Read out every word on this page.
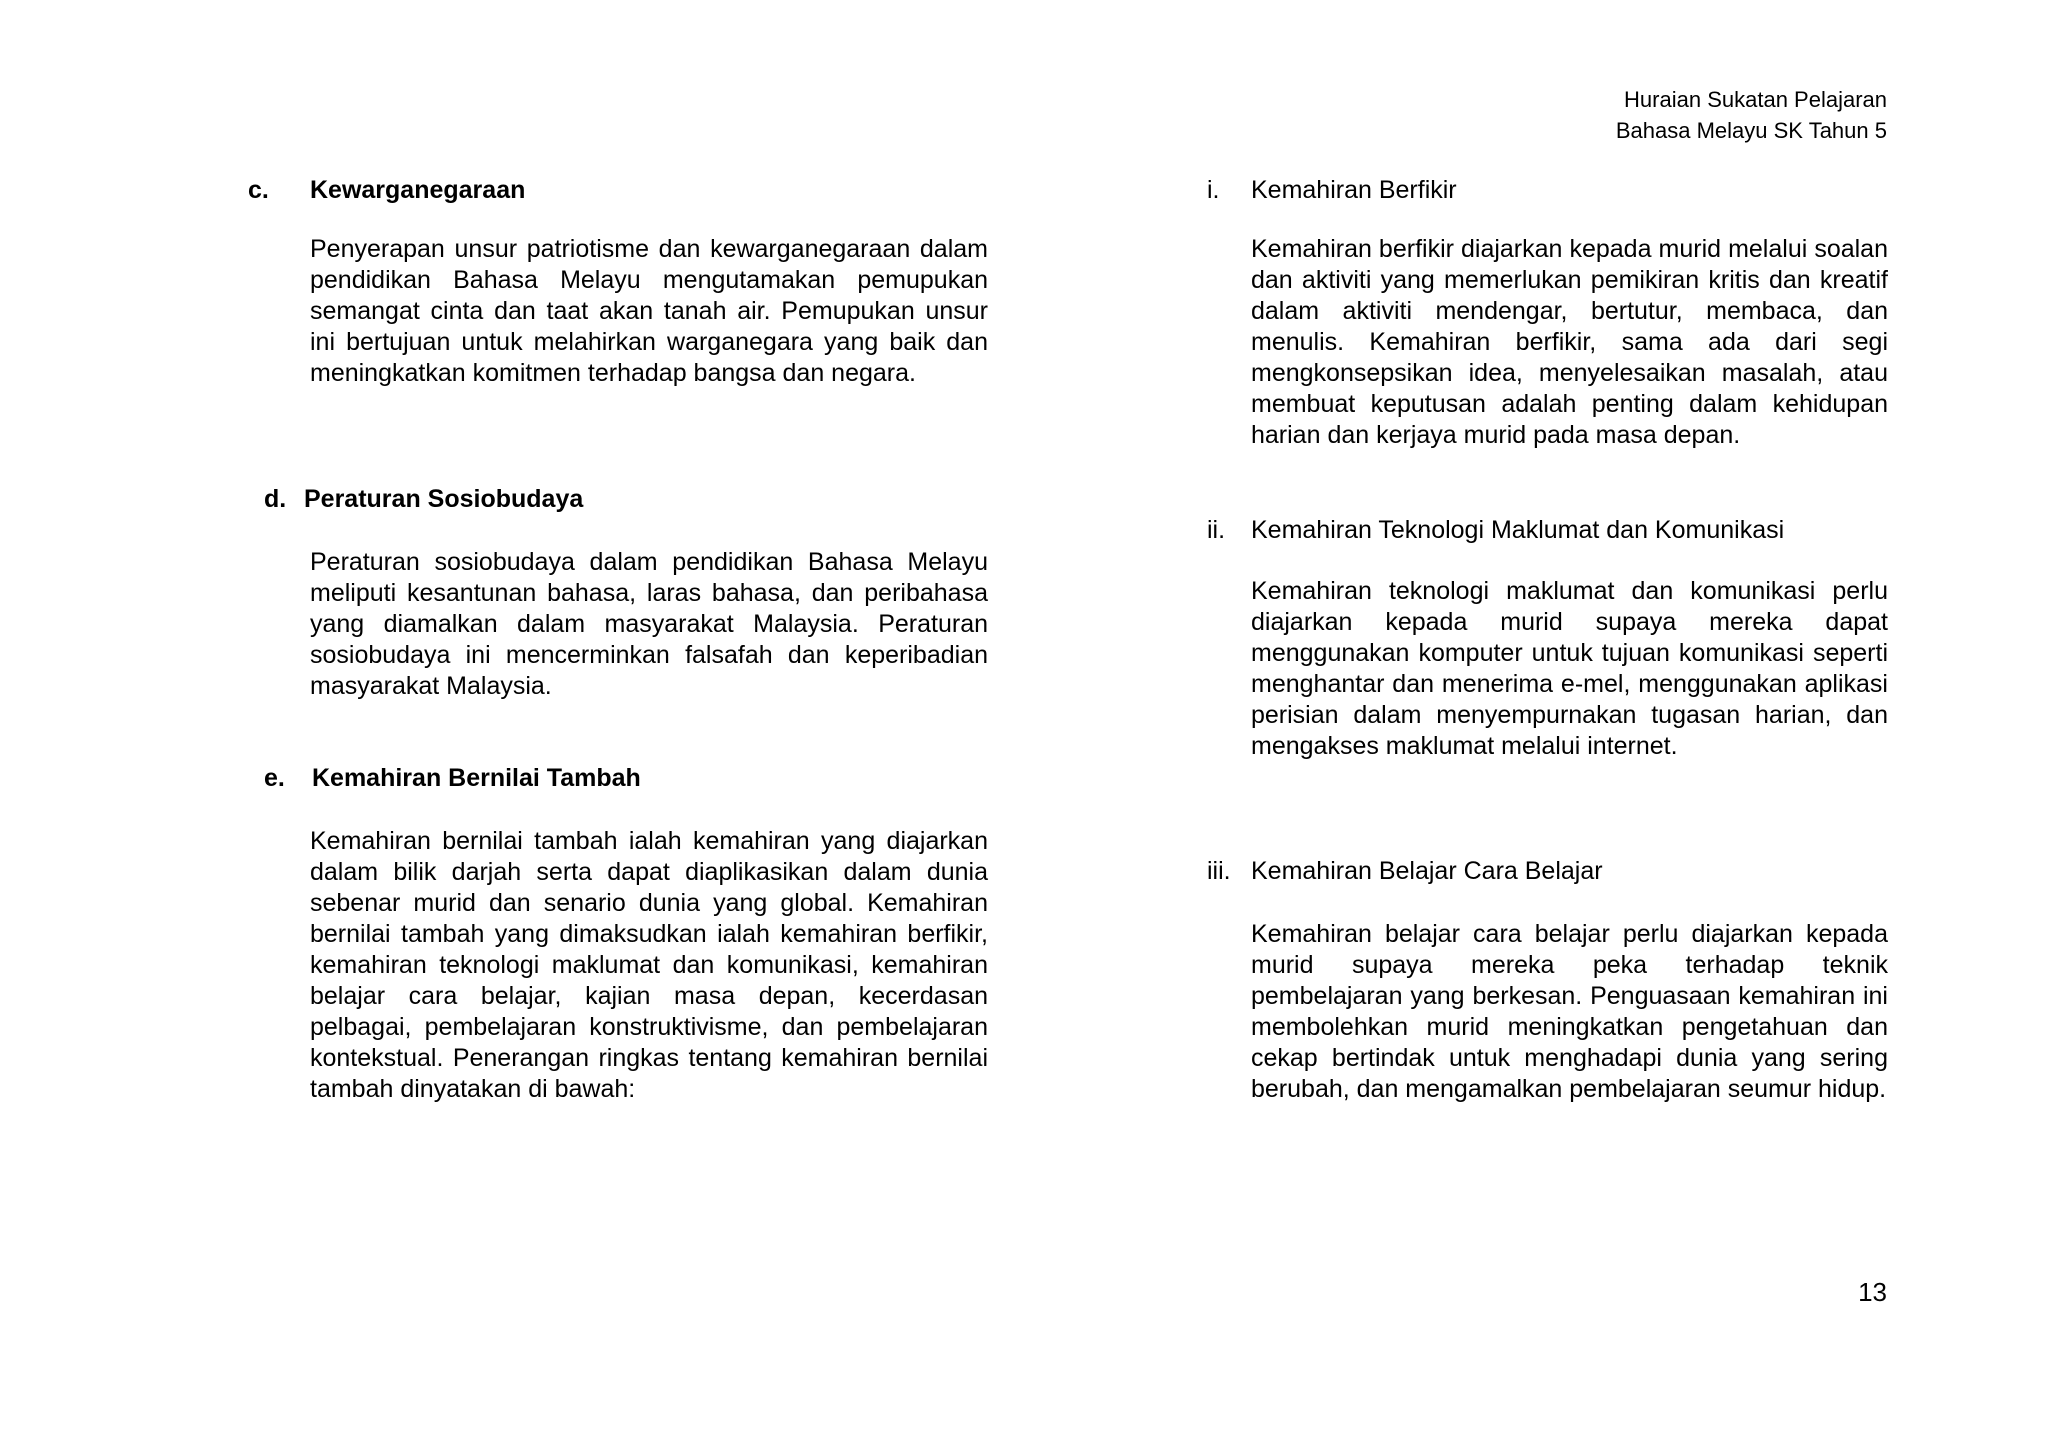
Huraian Sukatan Pelajaran
Bahasa Melayu SK Tahun 5
c.	Kewarganegaraan
Penyerapan unsur patriotisme dan kewarganegaraan dalam pendidikan Bahasa Melayu mengutamakan pemupukan semangat cinta dan taat akan tanah air. Pemupukan unsur ini bertujuan untuk melahirkan warganegara yang baik dan meningkatkan komitmen terhadap bangsa dan negara.
d. Peraturan Sosiobudaya
Peraturan sosiobudaya dalam pendidikan Bahasa Melayu meliputi kesantunan bahasa, laras bahasa, dan peribahasa yang diamalkan dalam masyarakat Malaysia. Peraturan sosiobudaya ini mencerminkan falsafah dan keperibadian masyarakat Malaysia.
e.	Kemahiran Bernilai Tambah
Kemahiran bernilai tambah ialah kemahiran yang diajarkan dalam bilik darjah serta dapat diaplikasikan dalam dunia sebenar murid dan senario dunia yang global. Kemahiran bernilai tambah yang dimaksudkan ialah kemahiran berfikir, kemahiran teknologi maklumat dan komunikasi, kemahiran belajar cara belajar, kajian masa depan, kecerdasan pelbagai, pembelajaran konstruktivisme, dan pembelajaran kontekstual. Penerangan ringkas tentang kemahiran bernilai tambah dinyatakan di bawah:
i.	Kemahiran Berfikir
Kemahiran berfikir diajarkan kepada murid melalui soalan dan aktiviti yang memerlukan pemikiran kritis dan kreatif dalam aktiviti mendengar, bertutur, membaca, dan menulis. Kemahiran berfikir, sama ada dari segi mengkonsepsikan idea, menyelesaikan masalah, atau membuat keputusan adalah penting dalam kehidupan harian dan kerjaya murid pada masa depan.
ii.	Kemahiran Teknologi Maklumat dan Komunikasi
Kemahiran teknologi maklumat dan komunikasi perlu diajarkan kepada murid supaya mereka dapat menggunakan komputer untuk tujuan komunikasi seperti menghantar dan menerima e-mel, menggunakan aplikasi perisian dalam menyempurnakan tugasan harian, dan mengakses maklumat melalui internet.
iii. Kemahiran Belajar Cara Belajar
Kemahiran belajar cara belajar perlu diajarkan kepada murid supaya mereka peka terhadap teknik pembelajaran yang berkesan. Penguasaan kemahiran ini membolehkan murid meningkatkan pengetahuan dan cekap bertindak untuk menghadapi dunia yang sering berubah, dan mengamalkan pembelajaran seumur hidup.
13
